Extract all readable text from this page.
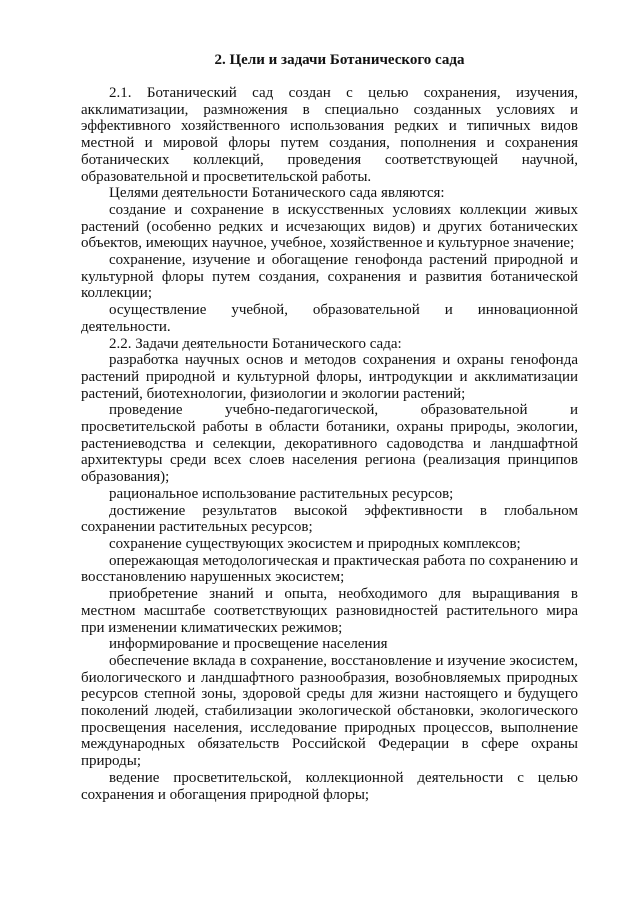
2. Цели и задачи Ботанического сада

2.1. Ботанический сад создан с целью сохранения, изучения, акклиматизации, размножения в специально созданных условиях и эффективного хозяйственного использования редких и типичных видов местной и мировой флоры путем создания, пополнения и сохранения ботанических коллекций, проведения соответствующей научной, образовательной и просветительской работы.

Целями деятельности Ботанического сада являются:

создание и сохранение в искусственных условиях коллекции живых растений (особенно редких и исчезающих видов) и других ботанических объектов, имеющих научное, учебное, хозяйственное и культурное значение;

сохранение, изучение и обогащение генофонда растений природной и культурной флоры путем создания, сохранения и развития ботанической коллекции;

осуществление учебной, образовательной и инновационной деятельности.

2.2. Задачи деятельности Ботанического сада:

разработка научных основ и методов сохранения и охраны генофонда растений природной и культурной флоры, интродукции и акклиматизации растений, биотехнологии, физиологии и экологии растений;

проведение учебно-педагогической, образовательной и просветительской работы в области ботаники, охраны природы, экологии, растениеводства и селекции, декоративного садоводства и ландшафтной архитектуры среди всех слоев населения региона (реализация принципов образования);

рациональное использование растительных ресурсов;

достижение результатов высокой эффективности в глобальном сохранении растительных ресурсов;

сохранение существующих экосистем и природных комплексов;

опережающая методологическая и практическая работа по сохранению и восстановлению нарушенных экосистем;

приобретение знаний и опыта, необходимого для выращивания в местном масштабе соответствующих разновидностей растительного мира при изменении климатических режимов;

информирование и просвещение населения

обеспечение вклада в сохранение, восстановление и изучение экосистем, биологического и ландшафтного разнообразия, возобновляемых природных ресурсов степной зоны, здоровой среды для жизни настоящего и будущего поколений людей, стабилизации экологической обстановки, экологического просвещения населения, исследование природных процессов, выполнение международных обязательств Российской Федерации в сфере охраны природы;

ведение просветительской, коллекционной деятельности с целью сохранения и обогащения природной флоры;
